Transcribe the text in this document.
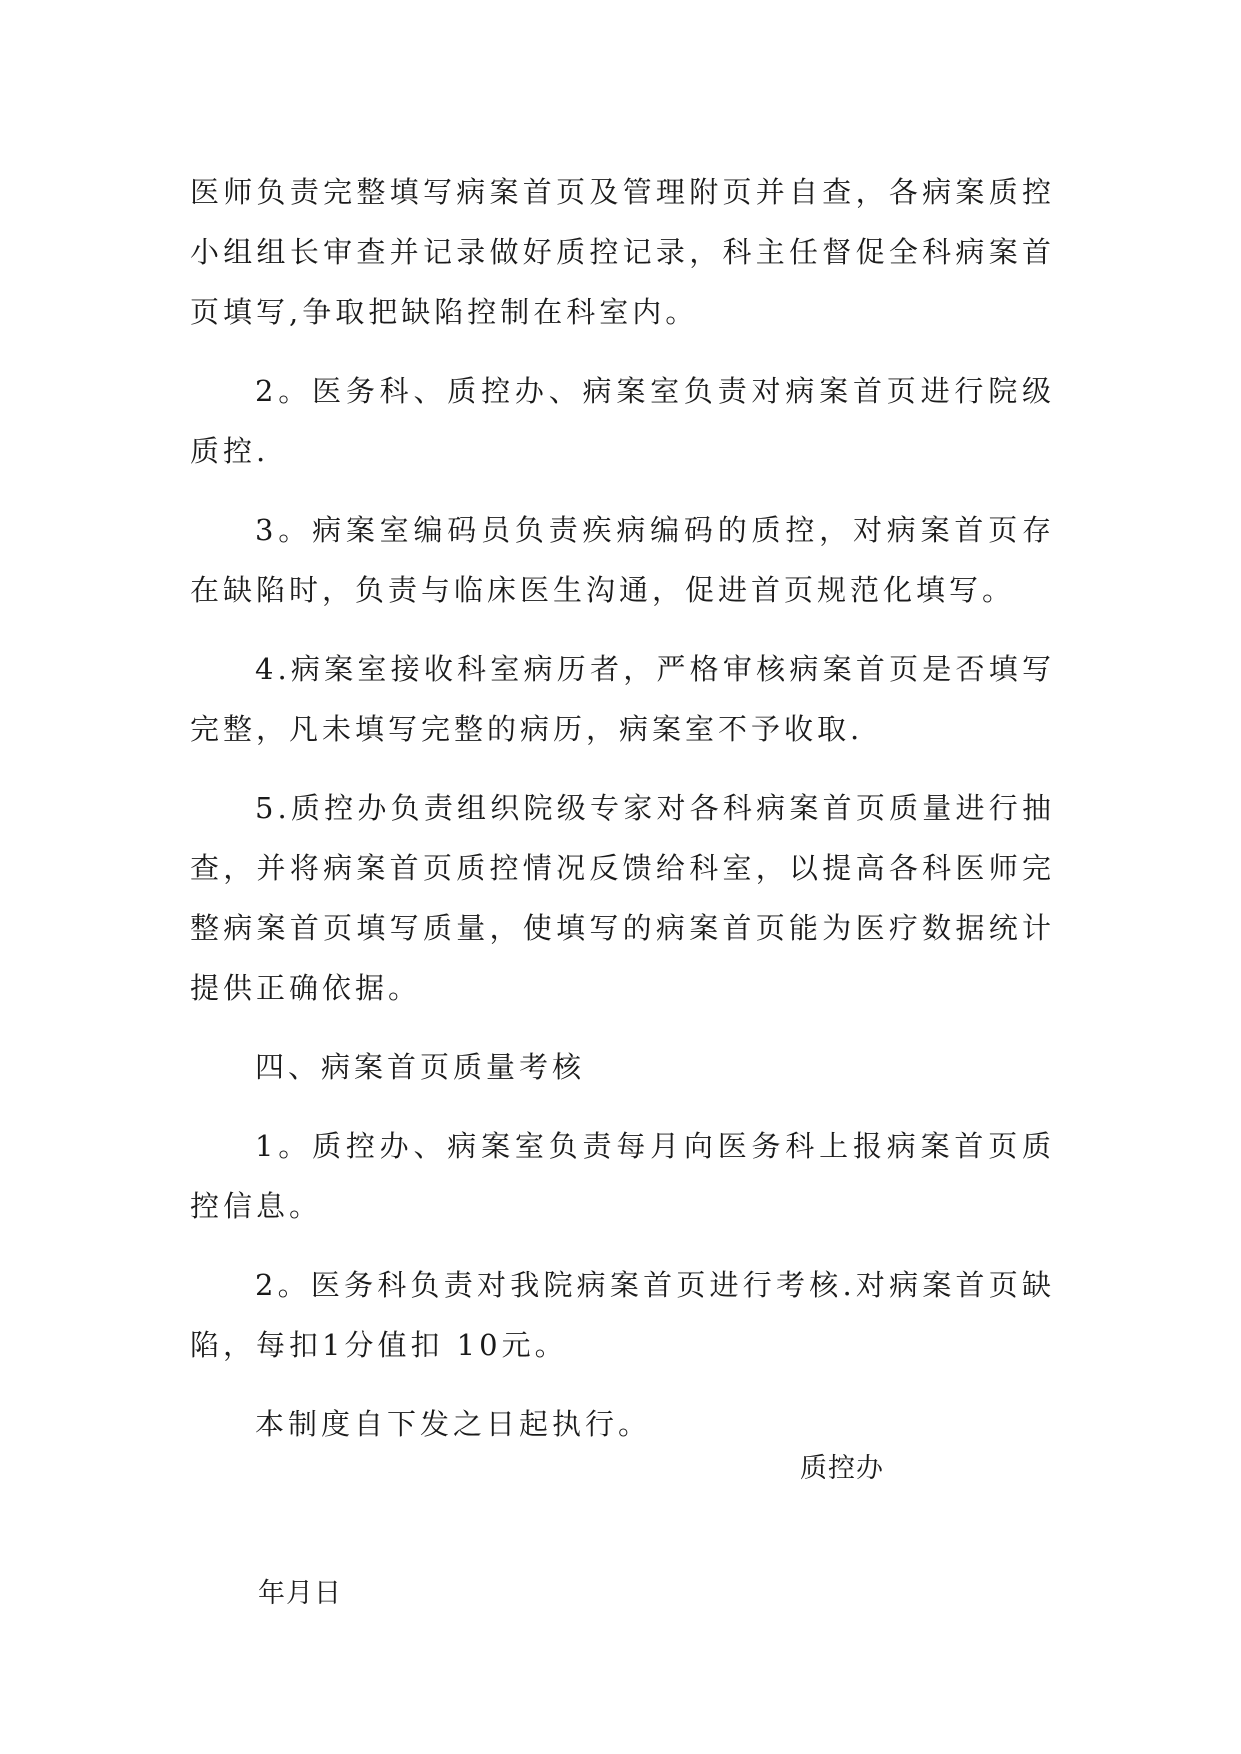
医师负责完整填写病案首页及管理附页并自查，各病案质控小组组长审查并记录做好质控记录，科主任督促全科病案首页填写,争取把缺陷控制在科室内。

2。医务科、质控办、病案室负责对病案首页进行院级质控.

3。病案室编码员负责疾病编码的质控，对病案首页存在缺陷时，负责与临床医生沟通，促进首页规范化填写。

4.病案室接收科室病历者，严格审核病案首页是否填写完整，凡未填写完整的病历，病案室不予收取.

5.质控办负责组织院级专家对各科病案首页质量进行抽查，并将病案首页质控情况反馈给科室，以提高各科医师完整病案首页填写质量，使填写的病案首页能为医疗数据统计提供正确依据。

四、病案首页质量考核

1。质控办、病案室负责每月向医务科上报病案首页质控信息。

2。医务科负责对我院病案首页进行考核.对病案首页缺陷，每扣1分值扣 10元。

本制度自下发之日起执行。

质控办
年月日
